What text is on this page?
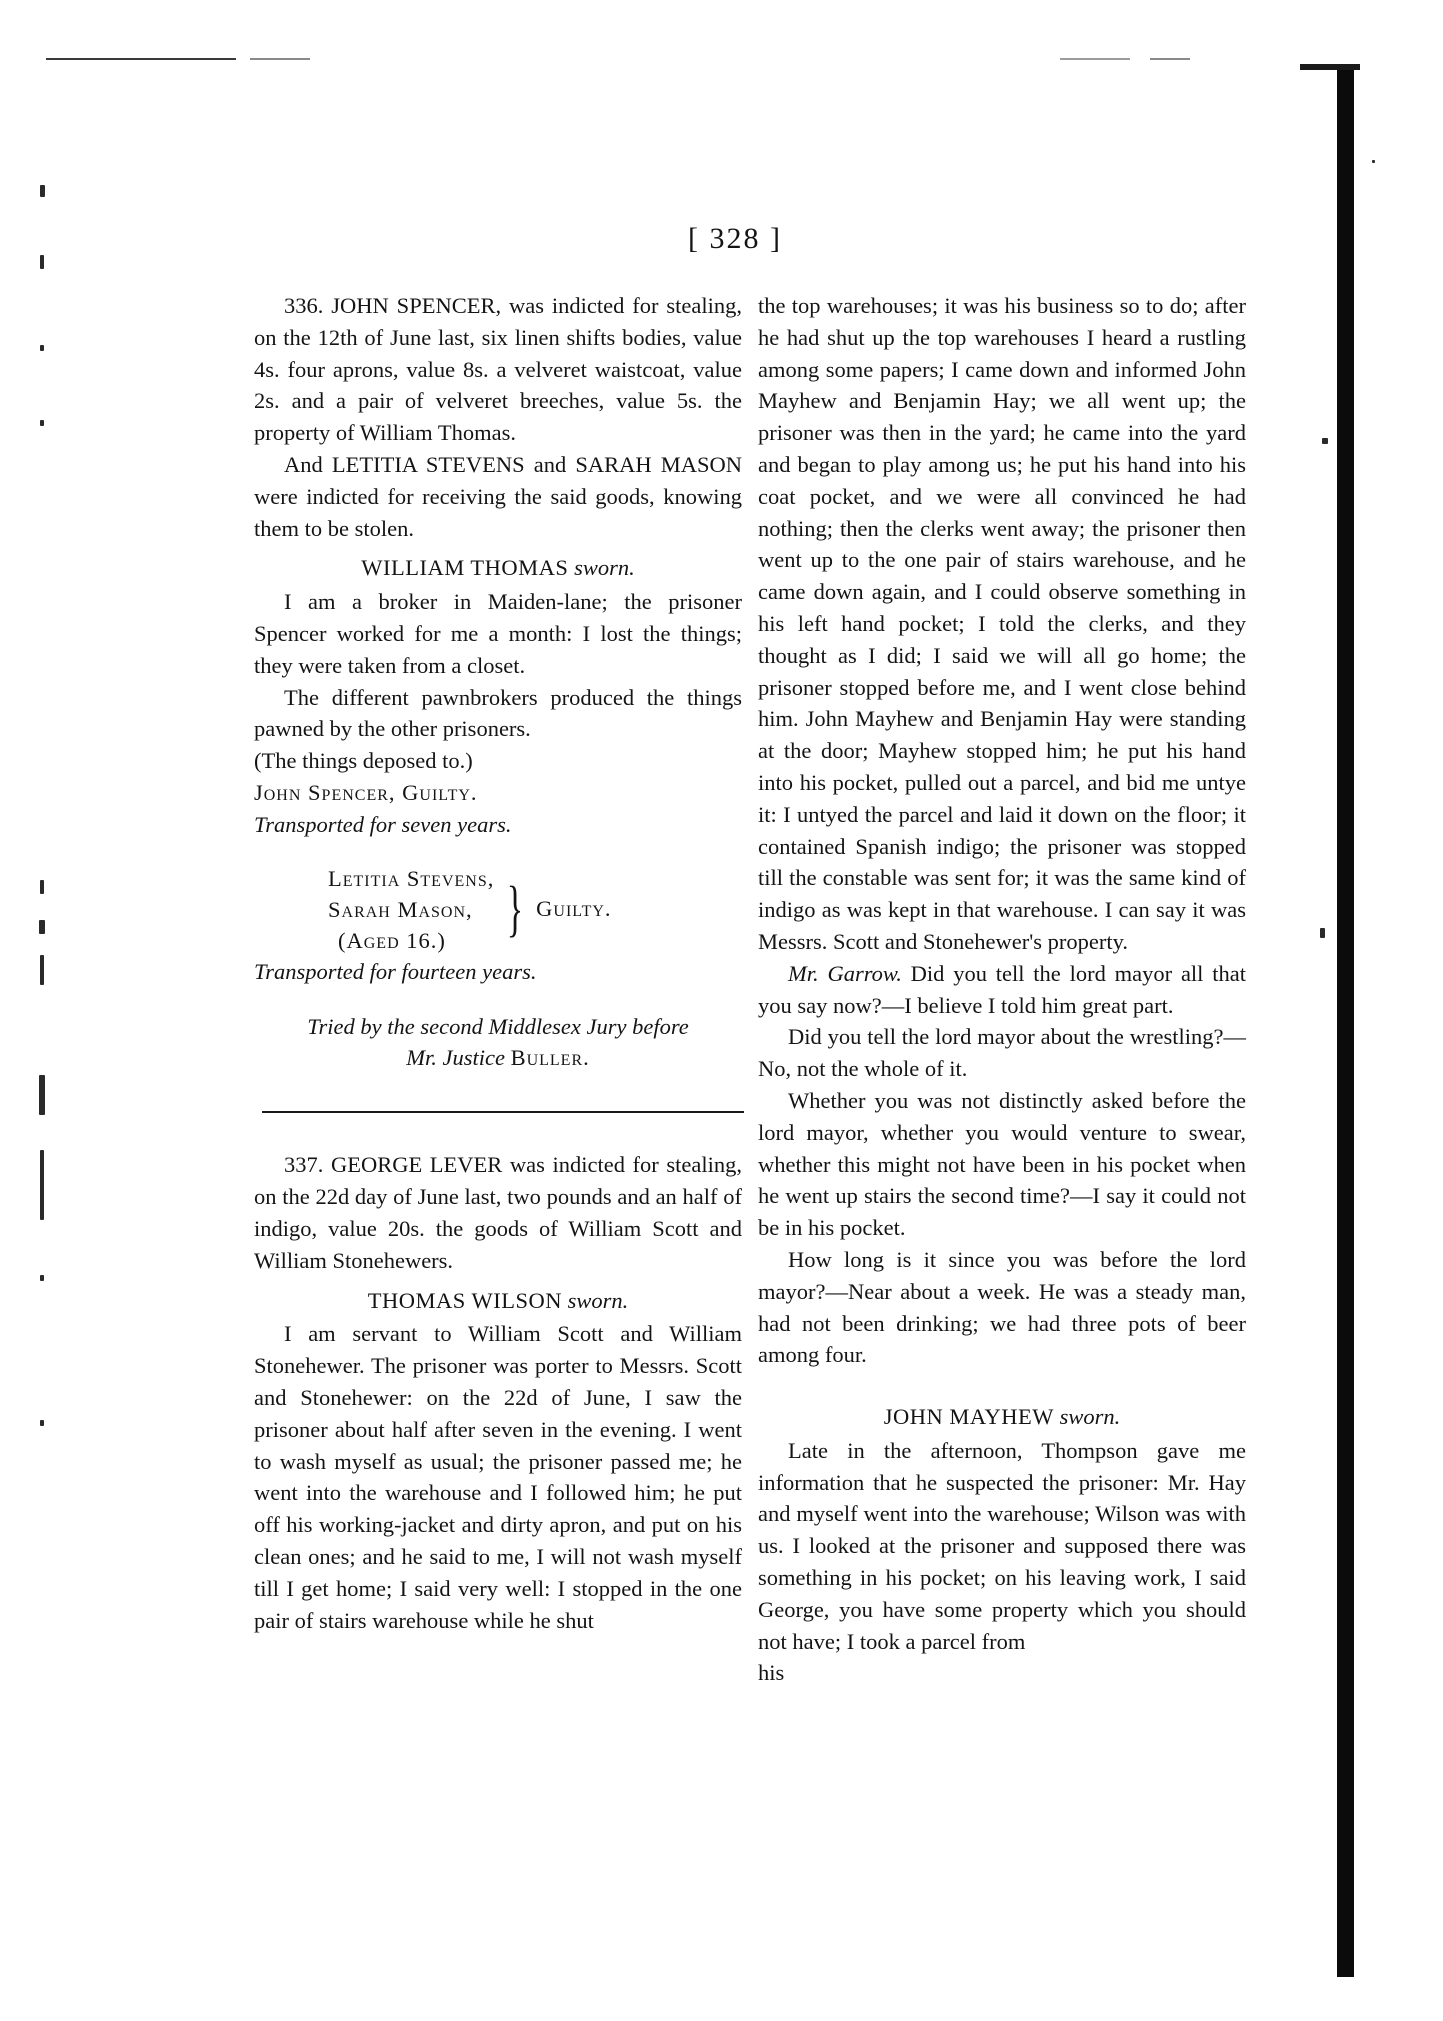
[ 328 ]

336. JOHN SPENCER, was indicted for stealing, on the 12th of June last, six linen shifts bodies, value 4s. four aprons, value 8s. a velveret waistcoat, value 2s. and a pair of velveret breeches, value 5s. the property of William Thomas.

And LETITIA STEVENS and SARAH MASON were indicted for receiving the said goods, knowing them to be stolen.

WILLIAM THOMAS sworn.

I am a broker in Maiden-lane; the prisoner Spencer worked for me a month: I lost the things; they were taken from a closet.

The different pawnbrokers produced the things pawned by the other prisoners.

(The things deposed to.)

John Spencer, Guilty.

Transported for seven years.

Letitia Stevens,
Sarah Mason,
(Aged 16.) } Guilty.

Transported for fourteen years.

Tried by the second Middlesex Jury before
Mr. Justice Buller.

337. GEORGE LEVER was indicted for stealing, on the 22d day of June last, two pounds and an half of indigo, value 20s. the goods of William Scott and William Stonehewers.

THOMAS WILSON sworn.

I am servant to William Scott and William Stonehewer. The prisoner was porter to Messrs. Scott and Stonehewer: on the 22d of June, I saw the prisoner about half after seven in the evening. I went to wash myself as usual; the prisoner passed me; he went into the warehouse and I followed him; he put off his working-jacket and dirty apron, and put on his clean ones; and he said to me, I will not wash myself till I get home; I said very well: I stopped in the one pair of stairs warehouse while he shut

the top warehouses; it was his business so to do; after he had shut up the top warehouses I heard a rustling among some papers; I came down and informed John Mayhew and Benjamin Hay; we all went up; the prisoner was then in the yard; he came into the yard and began to play among us; he put his hand into his coat pocket, and we were all convinced he had nothing; then the clerks went away; the prisoner then went up to the one pair of stairs warehouse, and he came down again, and I could observe something in his left hand pocket; I told the clerks, and they thought as I did; I said we will all go home; the prisoner stopped before me, and I went close behind him. John Mayhew and Benjamin Hay were standing at the door; Mayhew stopped him; he put his hand into his pocket, pulled out a parcel, and bid me untye it: I untyed the parcel and laid it down on the floor; it contained Spanish indigo; the prisoner was stopped till the constable was sent for; it was the same kind of indigo as was kept in that warehouse. I can say it was Messrs. Scott and Stonehewer's property.

Mr. Garrow. Did you tell the lord mayor all that you say now?—I believe I told him great part.

Did you tell the lord mayor about the wrestling?—No, not the whole of it.

Whether you was not distinctly asked before the lord mayor, whether you would venture to swear, whether this might not have been in his pocket when he went up stairs the second time?—I say it could not be in his pocket.

How long is it since you was before the lord mayor?—Near about a week. He was a steady man, had not been drinking; we had three pots of beer among four.

JOHN MAYHEW sworn.

Late in the afternoon, Thompson gave me information that he suspected the prisoner: Mr. Hay and myself went into the warehouse; Wilson was with us. I looked at the prisoner and supposed there was something in his pocket; on his leaving work, I said George, you have some property which you should not have; I took a parcel from

his
